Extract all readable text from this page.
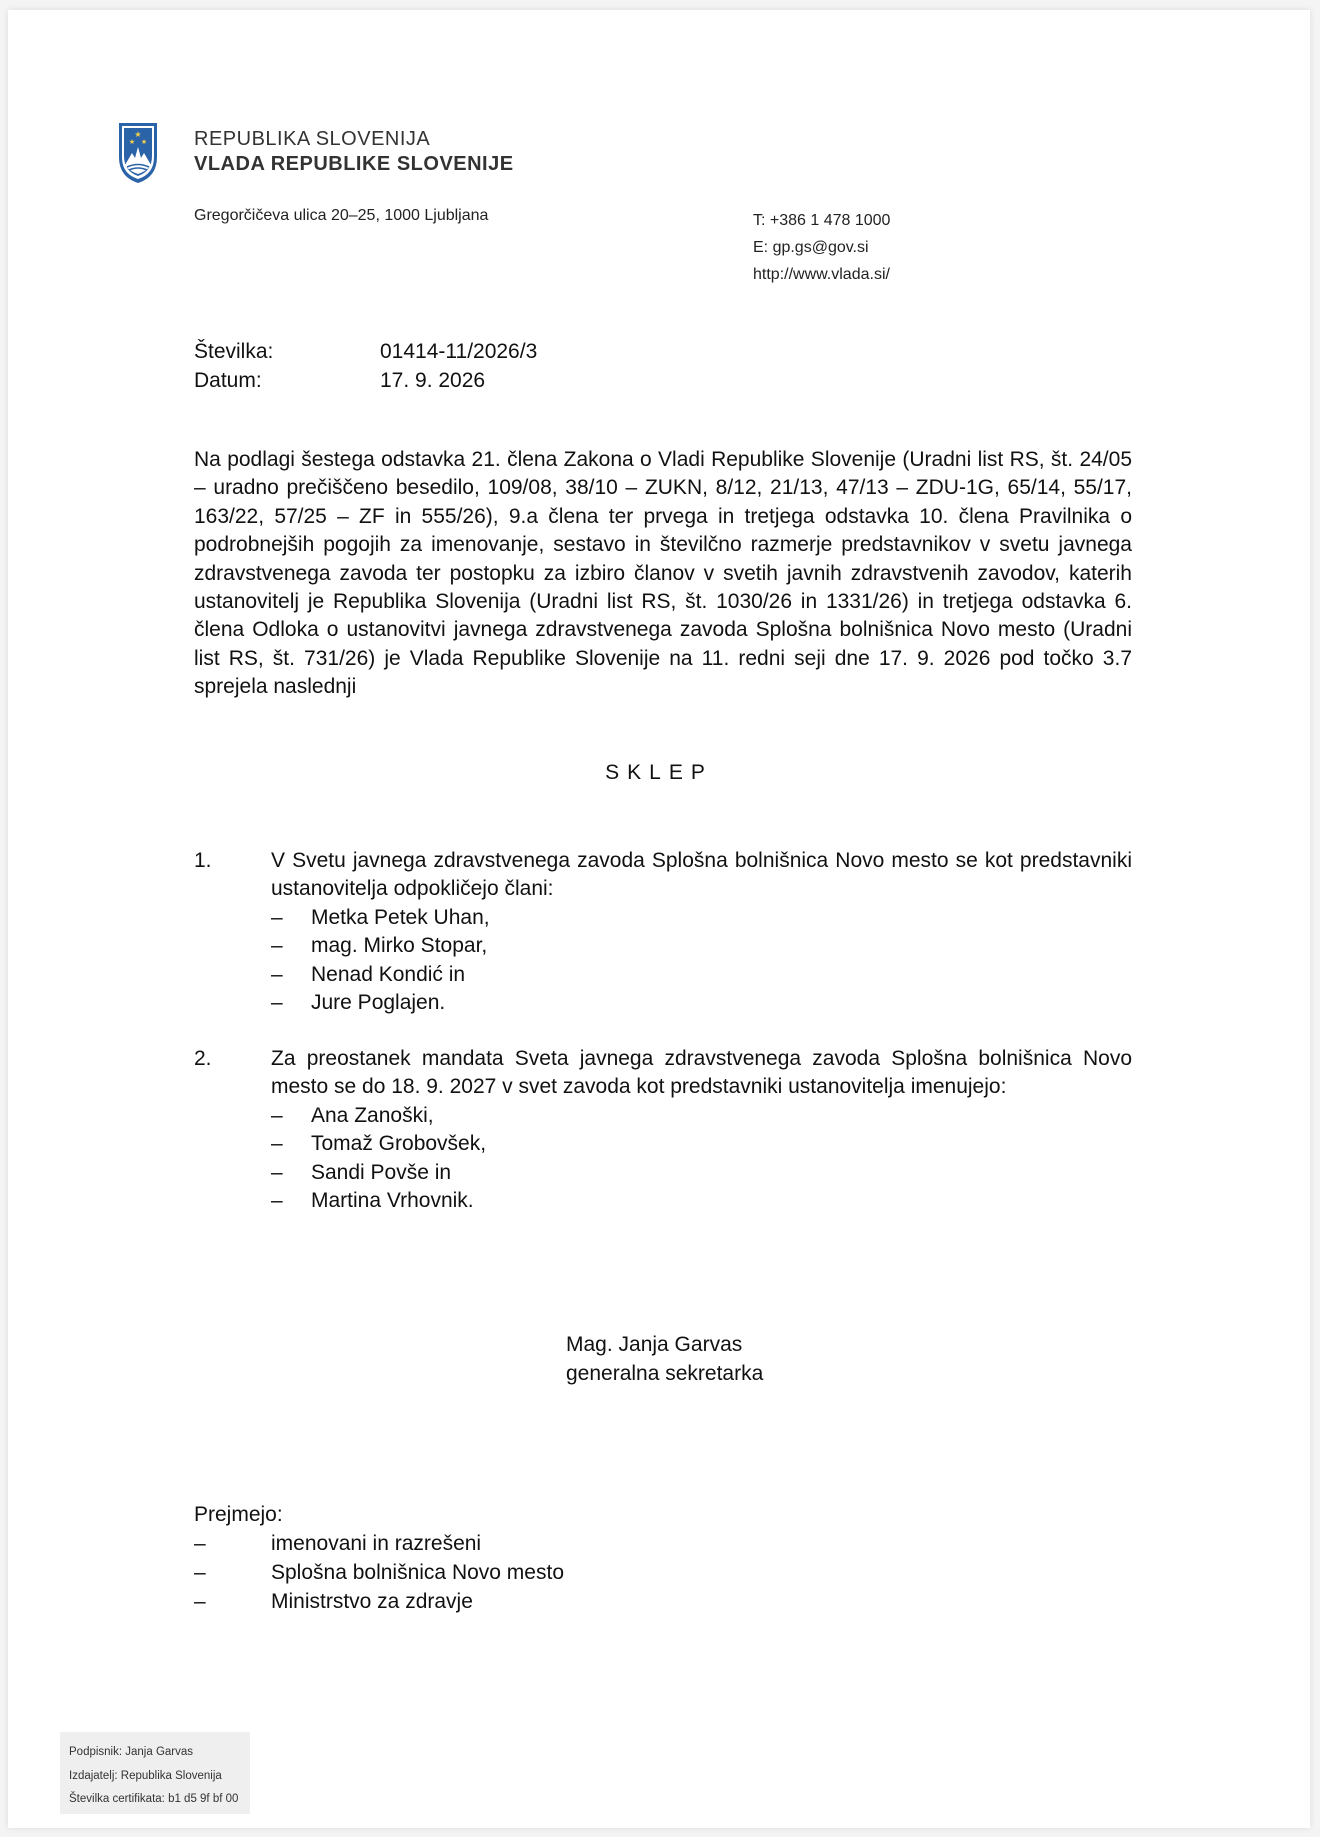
★
★ ★ REPUBLIKA SLOVENIJA
VLADA REPUBLIKE SLOVENIJE
Gregorčičeva ulica 20–25, 1000 Ljubljana	T: +386 1 478 1000
E: gp.gs@gov.si
http://www.vlada.si/
Številka:	01414-11/2026/3
Datum:	17. 9. 2026
Na podlagi šestega odstavka 21. člena Zakona o Vladi Republike Slovenije (Uradni list RS, št. 24/05 – uradno prečiščeno besedilo, 109/08, 38/10 – ZUKN, 8/12, 21/13, 47/13 – ZDU-1G, 65/14, 55/17, 163/22, 57/25 – ZF in 555/26), 9.a člena ter prvega in tretjega odstavka 10. člena Pravilnika o podrobnejših pogojih za imenovanje, sestavo in številčno razmerje predstavnikov v svetu javnega zdravstvenega zavoda ter postopku za izbiro članov v svetih javnih zdravstvenih zavodov, katerih ustanovitelj je Republika Slovenija (Uradni list RS, št. 1030/26 in 1331/26) in tretjega odstavka 6. člena Odloka o ustanovitvi javnega zdravstvenega zavoda Splošna bolnišnica Novo mesto (Uradni list RS, št. 731/26) je Vlada Republike Slovenije na 11. redni seji dne 17. 9. 2026 pod točko 3.7 sprejela naslednji
SKLEP
1.	V Svetu javnega zdravstvenega zavoda Splošna bolnišnica Novo mesto se kot predstavniki ustanovitelja odpokličejo člani:
– Metka Petek Uhan,
– mag. Mirko Stopar,
– Nenad Kondić in
– Jure Poglajen.
2.	Za preostanek mandata Sveta javnega zdravstvenega zavoda Splošna bolnišnica Novo mesto se do 18. 9. 2027 v svet zavoda kot predstavniki ustanovitelja imenujejo:
– Ana Zanoški,
– Tomaž Grobovšek,
– Sandi Povše in
– Martina Vrhovnik.
Mag. Janja Garvas
generalna sekretarka
Prejmejo:
–	imenovani in razrešeni
–	Splošna bolnišnica Novo mesto
–	Ministrstvo za zdravje
Podpisnik: Janja Garvas
Izdajatelj: Republika Slovenija
Številka certifikata: b1 d5 9f bf 00
